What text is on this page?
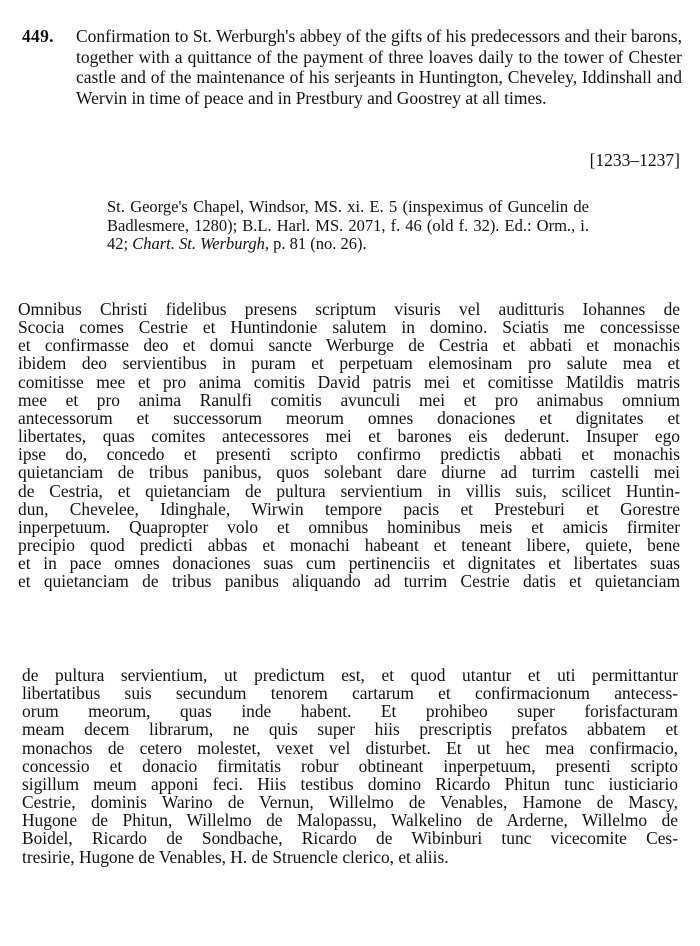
449. Confirmation to St. Werburgh's abbey of the gifts of his predecessors and their barons, together with a quittance of the payment of three loaves daily to the tower of Chester castle and of the maintenance of his serjeants in Huntington, Cheveley, Iddinshall and Wervin in time of peace and in Prestbury and Goostrey at all times.
[1233–1237]
St. George's Chapel, Windsor, MS. xi. E. 5 (inspeximus of Guncelin de Badlesmere, 1280); B.L. Harl. MS. 2071, f. 46 (old f. 32). Ed.: Orm., i. 42; Chart. St. Werburgh, p. 81 (no. 26).
Omnibus Christi fidelibus presens scriptum visuris vel auditturis Iohannes de
Scocia comes Cestrie et Huntindonie salutem in domino. Sciatis me concessisse
et confirmasse deo et domui sancte Werburge de Cestria et abbati et monachis
ibidem deo servientibus in puram et perpetuam elemosinam pro salute mea et
comitisse mee et pro anima comitis David patris mei et comitisse Matildis matris
mee et pro anima Ranulfi comitis avunculi mei et pro animabus omnium
antecessorum et successorum meorum omnes donaciones et dignitates et
libertates, quas comites antecessores mei et barones eis dederunt. Insuper ego
ipse do, concedo et presenti scripto confirmo predictis abbati et monachis
quietanciam de tribus panibus, quos solebant dare diurne ad turrim castelli mei
de Cestria, et quietanciam de pultura servientium in villis suis, scilicet Huntin-
dun, Chevelee, Idinghale, Wirwin tempore pacis et Presteburi et Gorestre
inperpetuum. Quapropter volo et omnibus hominibus meis et amicis firmiter
precipio quod predicti abbas et monachi habeant et teneant libere, quiete, bene
et in pace omnes donaciones suas cum pertinenciis et dignitates et libertates suas
et quietanciam de tribus panibus aliquando ad turrim Cestrie datis et quietanciam
de pultura servientium, ut predictum est, et quod utantur et uti permittantur
libertatibus suis secundum tenorem cartarum et confirmacionum antecess-
orum meorum, quas inde habent. Et prohibeo super forisfacturam
meam decem librarum, ne quis super hiis prescriptis prefatos abbatem et
monachos de cetero molestet, vexet vel disturbet. Et ut hec mea confirmacio,
concessio et donacio firmitatis robur obtineant inperpetuum, presenti scripto
sigillum meum apponi feci. Hiis testibus domino Ricardo Phitun tunc iusticiario
Cestrie, dominis Warino de Vernun, Willelmo de Venables, Hamone de Mascy,
Hugone de Phitun, Willelmo de Malopassu, Walkelino de Arderne, Willelmo de
Boidel, Ricardo de Sondbache, Ricardo de Wibinburi tunc vicecomite Ces-
tresirie, Hugone de Venables, H. de Struencle clerico, et aliis.
